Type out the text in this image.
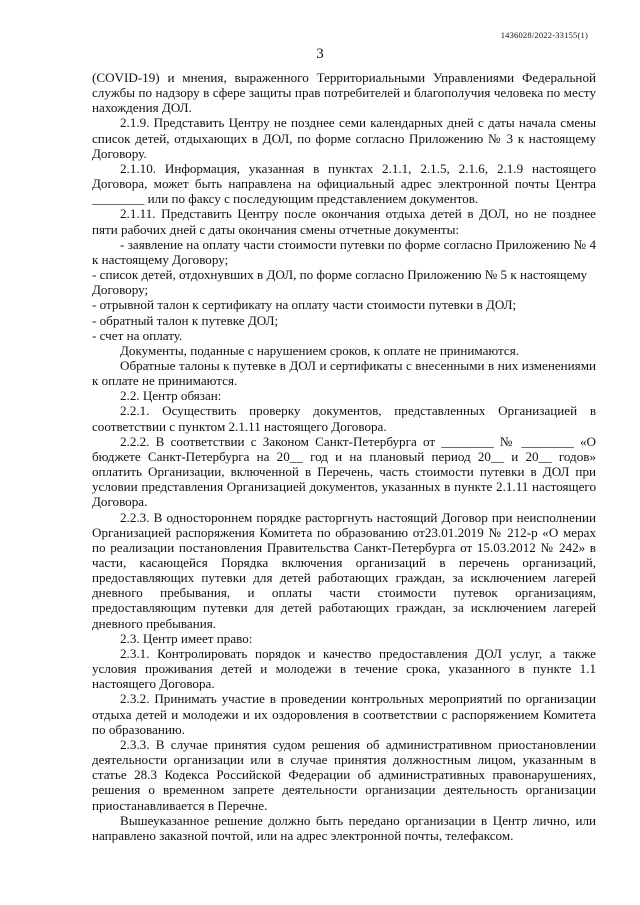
1436028/2022-33155(1)
3

(COVID-19) и мнения, выраженного Территориальными Управлениями Федеральной службы по надзору в сфере защиты прав потребителей и благополучия человека по месту нахождения ДОЛ.

2.1.9. Представить Центру не позднее семи календарных дней с даты начала смены список детей, отдыхающих в ДОЛ, по форме согласно Приложению № 3 к настоящему Договору.

2.1.10. Информация, указанная в пунктах 2.1.1, 2.1.5, 2.1.6, 2.1.9 настоящего Договора, может быть направлена на официальный адрес электронной почты Центра ________ или по факсу с последующим представлением документов.

2.1.11. Представить Центру после окончания отдыха детей в ДОЛ, но не позднее пяти рабочих дней с даты окончания смены отчетные документы:

- заявление на оплату части стоимости путевки по форме согласно Приложению № 4 к настоящему Договору;

- список детей, отдохнувших в ДОЛ, по форме согласно Приложению № 5 к настоящему Договору;

- отрывной талон к сертификату на оплату части стоимости путевки в ДОЛ;

- обратный талон к путевке ДОЛ;

- счет на оплату.

Документы, поданные с нарушением сроков, к оплате не принимаются.

Обратные талоны к путевке в ДОЛ и сертификаты с внесенными в них изменениями к оплате не принимаются.

2.2. Центр обязан:

2.2.1. Осуществить проверку документов, представленных Организацией в соответствии с пунктом 2.1.11 настоящего Договора.

2.2.2. В соответствии с Законом Санкт-Петербурга от ________ № ________ «О бюджете Санкт-Петербурга на 20__ год и на плановый период 20__ и 20__ годов» оплатить Организации, включенной в Перечень, часть стоимости путевки в ДОЛ при условии представления Организацией документов, указанных в пункте 2.1.11 настоящего Договора.

2.2.3. В одностороннем порядке расторгнуть настоящий Договор при неисполнении Организацией распоряжения Комитета по образованию от23.01.2019 № 212-р «О мерах по реализации постановления Правительства Санкт-Петербурга от 15.03.2012 № 242» в части, касающейся Порядка включения организаций в перечень организаций, предоставляющих путевки для детей работающих граждан, за исключением лагерей дневного пребывания, и оплаты части стоимости путевок организациям, предоставляющим путевки для детей работающих граждан, за исключением лагерей дневного пребывания.

2.3. Центр имеет право:

2.3.1. Контролировать порядок и качество предоставления ДОЛ услуг, а также условия проживания детей и молодежи в течение срока, указанного в пункте 1.1 настоящего Договора.

2.3.2. Принимать участие в проведении контрольных мероприятий по организации отдыха детей и молодежи и их оздоровления в соответствии с распоряжением Комитета по образованию.

2.3.3. В случае принятия судом решения об административном приостановлении деятельности организации или в случае принятия должностным лицом, указанным в статье 28.3 Кодекса Российской Федерации об административных правонарушениях, решения о временном запрете деятельности организации деятельность организации приостанавливается в Перечне.

Вышеуказанное решение должно быть передано организации в Центр лично, или направлено заказной почтой, или на адрес электронной почты, телефаксом.
